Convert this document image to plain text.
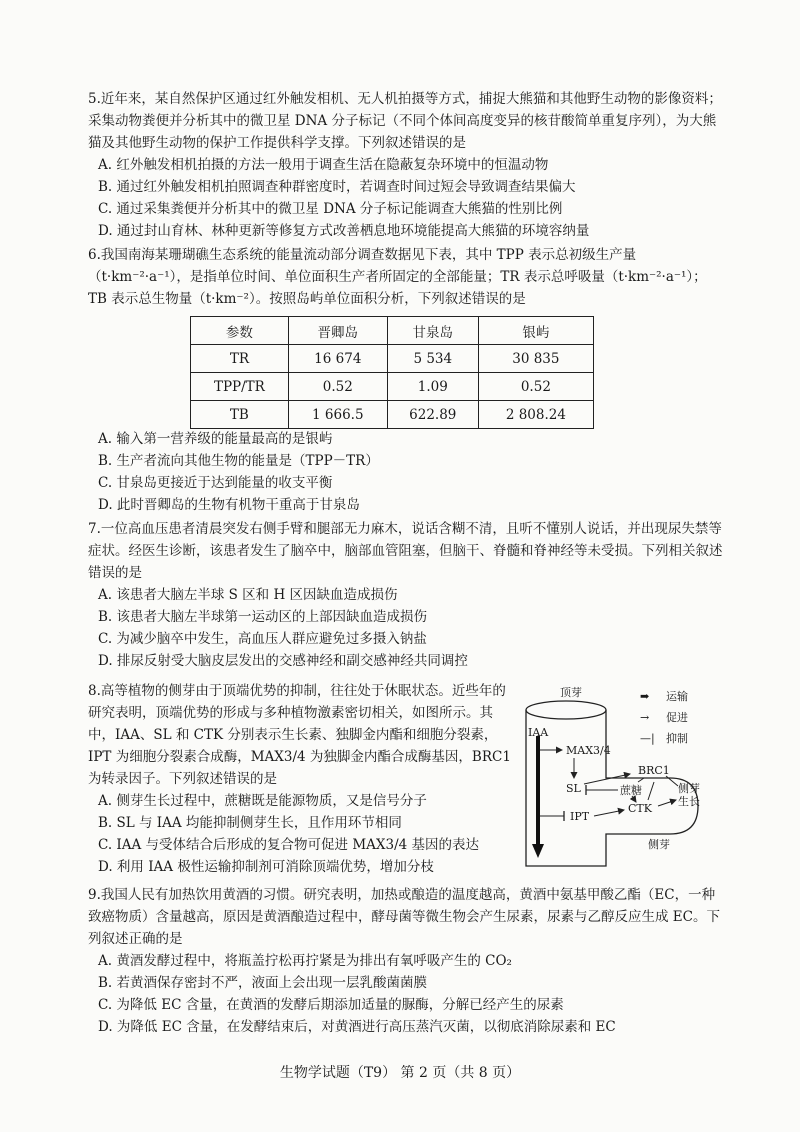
5.近年来，某自然保护区通过红外触发相机、无人机拍摄等方式，捕捉大熊猫和其他野生动物的影像资料；采集动物粪便并分析其中的微卫星 DNA 分子标记（不同个体间高度变异的核苷酸简单重复序列），为大熊猫及其他野生动物的保护工作提供科学支撑。下列叙述错误的是

A. 红外触发相机拍摄的方法一般用于调查生活在隐蔽复杂环境中的恒温动物

B. 通过红外触发相机拍照调查种群密度时，若调查时间过短会导致调查结果偏大

C. 通过采集粪便并分析其中的微卫星 DNA 分子标记能调查大熊猫的性别比例

D. 通过封山育林、林种更新等修复方式改善栖息地环境能提高大熊猫的环境容纳量

6.我国南海某珊瑚礁生态系统的能量流动部分调查数据见下表，其中 TPP 表示总初级生产量（t·km⁻²·a⁻¹），是指单位时间、单位面积生产者所固定的全部能量；TR 表示总呼吸量（t·km⁻²·a⁻¹）；TB 表示总生物量（t·km⁻²）。按照岛屿单位面积分析，下列叙述错误的是

参数	晋卿岛	甘泉岛	银屿
TR	16 674	5 534	30 835
TPP/TR	0.52	1.09	0.52
TB	1 666.5	622.89	2 808.24

A. 输入第一营养级的能量最高的是银屿

B. 生产者流向其他生物的能量是（TPP－TR）

C. 甘泉岛更接近于达到能量的收支平衡

D. 此时晋卿岛的生物有机物干重高于甘泉岛

7.一位高血压患者清晨突发右侧手臂和腿部无力麻木，说话含糊不清，且听不懂别人说话，并出现尿失禁等症状。经医生诊断，该患者发生了脑卒中，脑部血管阻塞，但脑干、脊髓和脊神经等未受损。下列相关叙述错误的是

A. 该患者大脑左半球 S 区和 H 区因缺血造成损伤

B. 该患者大脑左半球第一运动区的上部因缺血造成损伤

C. 为减少脑卒中发生，高血压人群应避免过多摄入钠盐

D. 排尿反射受大脑皮层发出的交感神经和副交感神经共同调控

8.高等植物的侧芽由于顶端优势的抑制，往往处于休眠状态。近些年的研究表明，顶端优势的形成与多种植物激素密切相关，如图所示。其中，IAA、SL 和 CTK 分别表示生长素、独脚金内酯和细胞分裂素，IPT 为细胞分裂素合成酶，MAX3/4 为独脚金内酯合成酶基因，BRC1 为转录因子。下列叙述错误的是

A. 侧芽生长过程中，蔗糖既是能源物质，又是信号分子

B. SL 与 IAA 均能抑制侧芽生长，且作用环节相同

C. IAA 与受体结合后形成的复合物可促进 MAX3/4 基因的表达

D. 利用 IAA 极性运输抑制剂可消除顶端优势，增加分枝

顶芽
IAA
MAX3/4
SL
BRC1
蔗糖
CTK
IPT
侧芽生长
侧芽
➡ 运输
→ 促进
—| 抑制

9.我国人民有加热饮用黄酒的习惯。研究表明，加热或酿造的温度越高，黄酒中氨基甲酸乙酯（EC，一种致癌物质）含量越高，原因是黄酒酿造过程中，酵母菌等微生物会产生尿素，尿素与乙醇反应生成 EC。下列叙述正确的是

A. 黄酒发酵过程中，将瓶盖拧松再拧紧是为排出有氧呼吸产生的 CO₂

B. 若黄酒保存密封不严，液面上会出现一层乳酸菌菌膜

C. 为降低 EC 含量，在黄酒的发酵后期添加适量的脲酶，分解已经产生的尿素

D. 为降低 EC 含量，在发酵结束后，对黄酒进行高压蒸汽灭菌，以彻底消除尿素和 EC

生物学试题（T9） 第 2 页（共 8 页）
